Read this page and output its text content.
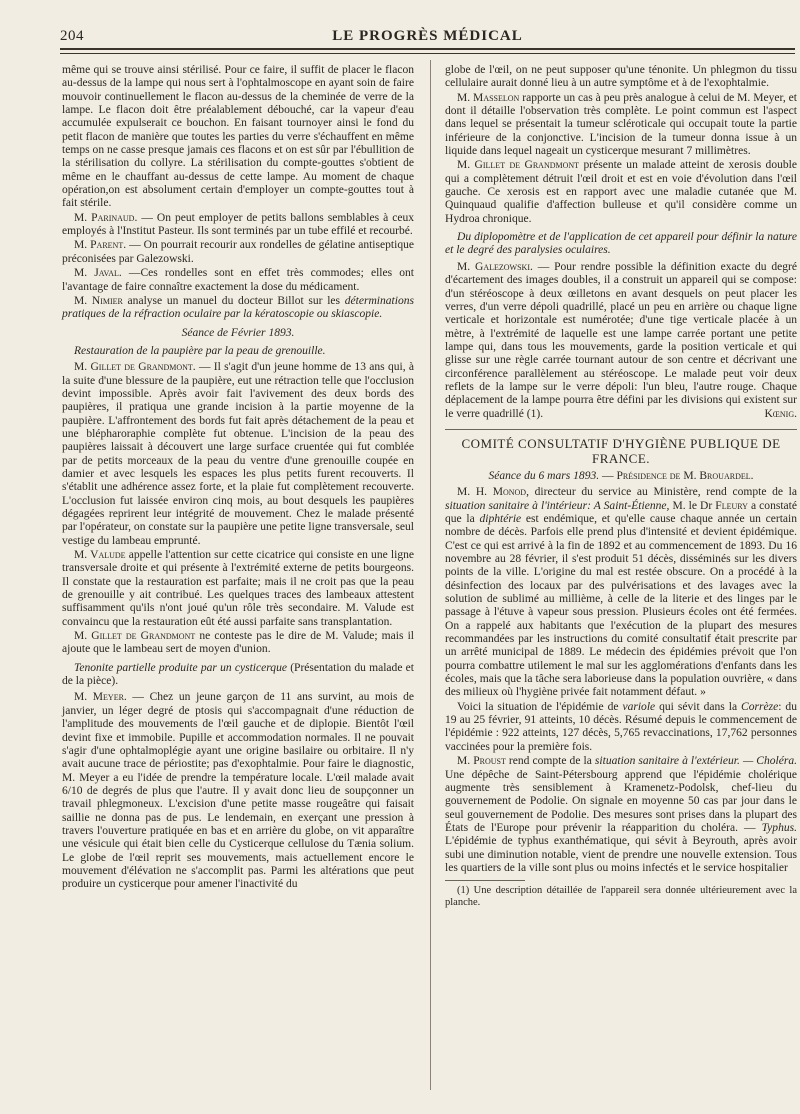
204	LE PROGRÈS MÉDICAL

même qui se trouve ainsi stérilisé. Pour ce faire, il suffit de placer le flacon au-dessus de la lampe qui nous sert à l'ophtalmoscope en ayant soin de faire mouvoir continuellement le flacon au-dessus de la cheminée de verre de la lampe. Le flacon doit être préalablement débouché, car la vapeur d'eau accumulée expulserait ce bouchon. En faisant tournoyer ainsi le fond du petit flacon de manière que toutes les parties du verre s'échauffent en même temps on ne casse presque jamais ces flacons et on est sûr par l'ébullition de la stérilisation du collyre. La stérilisation du compte-gouttes s'obtient de même en le chauffant au-dessus de cette lampe. Au moment de chaque opération,on est absolument certain d'employer un compte-gouttes tout à fait stérile.

M. Parinaud. — On peut employer de petits ballons semblables à ceux employés à l'Institut Pasteur. Ils sont terminés par un tube effilé et recourbé.

M. Parent. — On pourrait recourir aux rondelles de gélatine antiseptique préconisées par Galezowski.

M. Javal. —Ces rondelles sont en effet très commodes; elles ont l'avantage de faire connaître exactement la dose du médicament.

M. Nimier analyse un manuel du docteur Billot sur les déterminations pratiques de la réfraction oculaire par la kératoscopie ou skiascopie.

Séance de Février 1893.

Restauration de la paupière par la peau de grenouille.

M. Gillet de Grandmont. — Il s'agit d'un jeune homme de 13 ans qui, à la suite d'une blessure de la paupière, eut une rétraction telle que l'occlusion devint impossible. Après avoir fait l'avivement des deux bords des paupières, il pratiqua une grande incision à la partie moyenne de la paupière. L'affrontement des bords fut fait après détachement de la peau et une blépharoraphie complète fut obtenue. L'incision de la peau des paupières laissait à découvert une large surface cruentée qui fut comblée par de petits morceaux de la peau du ventre d'une grenouille coupée en damier et avec lesquels les espaces les plus petits furent recouverts. Il s'établit une adhérence assez forte, et la plaie fut complètement recouverte. L'occlusion fut laissée environ cinq mois, au bout desquels les paupières dégagées reprirent leur intégrité de mouvement. Chez le malade présenté par l'opérateur, on constate sur la paupière une petite ligne transversale, seul vestige du lambeau emprunté.

M. Valude appelle l'attention sur cette cicatrice qui consiste en une ligne transversale droite et qui présente à l'extrémité externe de petits bourgeons. Il constate que la restauration est parfaite; mais il ne croit pas que la peau de grenouille y ait contribué. Les quelques traces des lambeaux attestent suffisamment qu'ils n'ont joué qu'un rôle très secondaire. M. Valude est convaincu que la restauration eût été aussi parfaite sans transplantation.

M. Gillet de Grandmont ne conteste pas le dire de M. Valude; mais il ajoute que le lambeau sert de moyen d'union.

Tenonite partielle produite par un cysticerque (Présentation du malade et de la pièce).

M. Meyer. — Chez un jeune garçon de 11 ans survint, au mois de janvier, un léger degré de ptosis qui s'accompagnait d'une réduction de l'amplitude des mouvements de l'œil gauche et de diplopie. Bientôt l'œil devint fixe et immobile. Pupille et accommodation normales. Il ne pouvait s'agir d'une ophtalmoplégie ayant une origine basilaire ou orbitaire. Il n'y avait aucune trace de périostite; pas d'exophtalmie. Pour faire le diagnostic, M. Meyer a eu l'idée de prendre la température locale. L'œil malade avait 6/10 de degrés de plus que l'autre. Il y avait donc lieu de soupçonner un travail phlegmoneux. L'excision d'une petite masse rougeâtre qui faisait saillie ne donna pas de pus. Le lendemain, en exerçant une pression à travers l'ouverture pratiquée en bas et en arrière du globe, on vit apparaître une vésicule qui était bien celle du Cysticerque cellulose du Tænia solium. Le globe de l'œil reprit ses mouvements, mais actuellement encore le mouvement d'élévation ne s'accomplit pas. Parmi les altérations que peut produire un cysticerque pour amener l'inactivité du

globe de l'œil, on ne peut supposer qu'une ténonite. Un phlegmon du tissu cellulaire aurait donné lieu à un autre symptôme et à de l'exophtalmie.

M. Masselon rapporte un cas à peu près analogue à celui de M. Meyer, et dont il détaille l'observation très complète. Le point commun est l'aspect dans lequel se présentait la tumeur scléroticale qui occupait toute la partie inférieure de la conjonctive. L'incision de la tumeur donna issue à un liquide dans lequel nageait un cysticerque mesurant 7 millimètres.

M. Gillet de Grandmont présente un malade atteint de xerosis double qui a complètement détruit l'œil droit et est en voie d'évolution dans l'œil gauche. Ce xerosis est en rapport avec une maladie cutanée que M. Quinquaud qualifie d'affection bulleuse et qu'il considère comme un Hydroa chronique.

Du diplopomètre et de l'application de cet appareil pour définir la nature et le degré des paralysies oculaires.

M. Galezowski. — Pour rendre possible la définition exacte du degré d'écartement des images doubles, il a construit un appareil qui se compose: d'un stéréoscope à deux œilletons en avant desquels on peut placer les verres, d'un verre dépoli quadrillé, placé un peu en arrière ou chaque ligne verticale et horizontale est numérotée; d'une tige verticale placée à un mètre, à l'extrémité de laquelle est une lampe carrée portant une petite lampe qui, dans tous les mouvements, garde la position verticale et qui glisse sur une règle carrée tournant autour de son centre et décrivant une circonférence parallèlement au stéréoscope. Le malade peut voir deux reflets de la lampe sur le verre dépoli: l'un bleu, l'autre rouge. Chaque déplacement de la lampe pourra être défini par les divisions qui existent sur le verre quadrillé (1).	Kœnig.

COMITÉ CONSULTATIF D'HYGIÈNE PUBLIQUE DE FRANCE.

Séance du 6 mars 1893. — Présidence de M. Brouardel.

M. H. Monod, directeur du service au Ministère, rend compte de la situation sanitaire à l'intérieur: A Saint-Étienne, M. le Dr Fleury a constaté que la diphtérie est endémique, et qu'elle cause chaque année un certain nombre de décès. Parfois elle prend plus d'intensité et devient épidémique. C'est ce qui est arrivé à la fin de 1892 et au commencement de 1893. Du 16 novembre au 28 février, il s'est produit 51 décès, disséminés sur les divers points de la ville. L'origine du mal est restée obscure. On a procédé à la désinfection des locaux par des pulvérisations et des lavages avec la solution de sublimé au millième, à celle de la literie et des linges par le passage à l'étuve à vapeur sous pression. Plusieurs écoles ont été fermées. On a rappelé aux habitants que l'exécution de la plupart des mesures recommandées par les instructions du comité consultatif était prescrite par un arrêté municipal de 1889. Le médecin des épidémies prévoit que l'on pourra combattre utilement le mal sur les agglomérations d'enfants dans les écoles, mais que la tâche sera laborieuse dans la population ouvrière, « dans des milieux où l'hygiène privée fait notamment défaut. »

Voici la situation de l'épidémie de variole qui sévit dans la Corrèze: du 19 au 25 février, 91 atteints, 10 décès. Résumé depuis le commencement de l'épidémie : 922 atteints, 127 décès, 5,765 revaccinations, 17,762 personnes vaccinées pour la première fois.

M. Proust rend compte de la situation sanitaire à l'extérieur. — Choléra. Une dépêche de Saint-Pétersbourg apprend que l'épidémie cholérique augmente très sensiblement à Kramenetz-Podolsk, chef-lieu du gouvernement de Podolie. On signale en moyenne 50 cas par jour dans le seul gouvernement de Podolie. Des mesures sont prises dans la plupart des États de l'Europe pour prévenir la réapparition du choléra. — Typhus. L'épidémie de typhus exanthématique, qui sévit à Beyrouth, après avoir subi une diminution notable, vient de prendre une nouvelle extension. Tous les quartiers de la ville sont plus ou moins infectés et le service hospitalier

(1) Une description détaillée de l'appareil sera donnée ultérieurement avec la planche.
